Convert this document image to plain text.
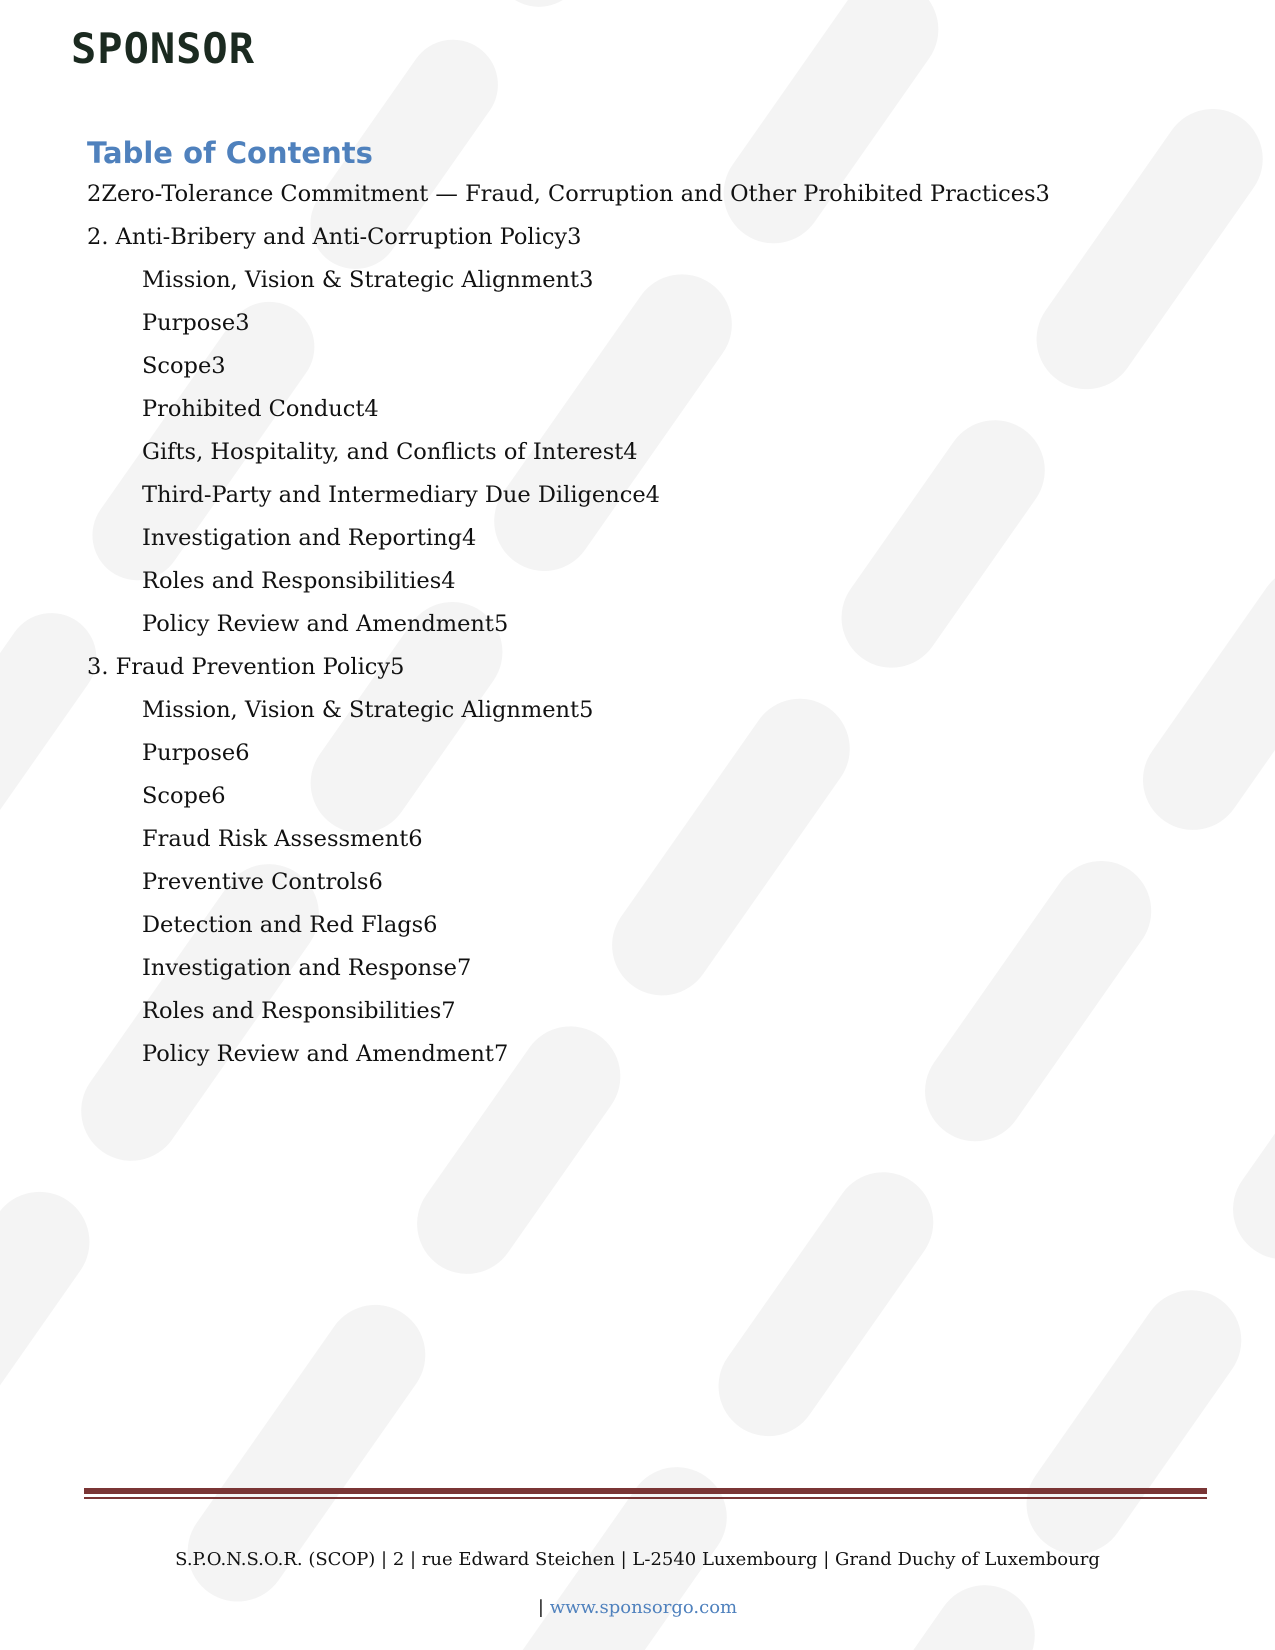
SPONSOR
Table of Contents
2Zero-Tolerance Commitment — Fraud, Corruption and Other Prohibited Practices3
2. Anti-Bribery and Anti-Corruption Policy3
Mission, Vision & Strategic Alignment3
Purpose3
Scope3
Prohibited Conduct4
Gifts, Hospitality, and Conflicts of Interest4
Third-Party and Intermediary Due Diligence4
Investigation and Reporting4
Roles and Responsibilities4
Policy Review and Amendment5
3. Fraud Prevention Policy5
Mission, Vision & Strategic Alignment5
Purpose6
Scope6
Fraud Risk Assessment6
Preventive Controls6
Detection and Red Flags6
Investigation and Response7
Roles and Responsibilities7
Policy Review and Amendment7
S.P.O.N.S.O.R. (SCOP) | 2 | rue Edward Steichen | L-2540 Luxembourg | Grand Duchy of Luxembourg
| www.sponsorgo.com
